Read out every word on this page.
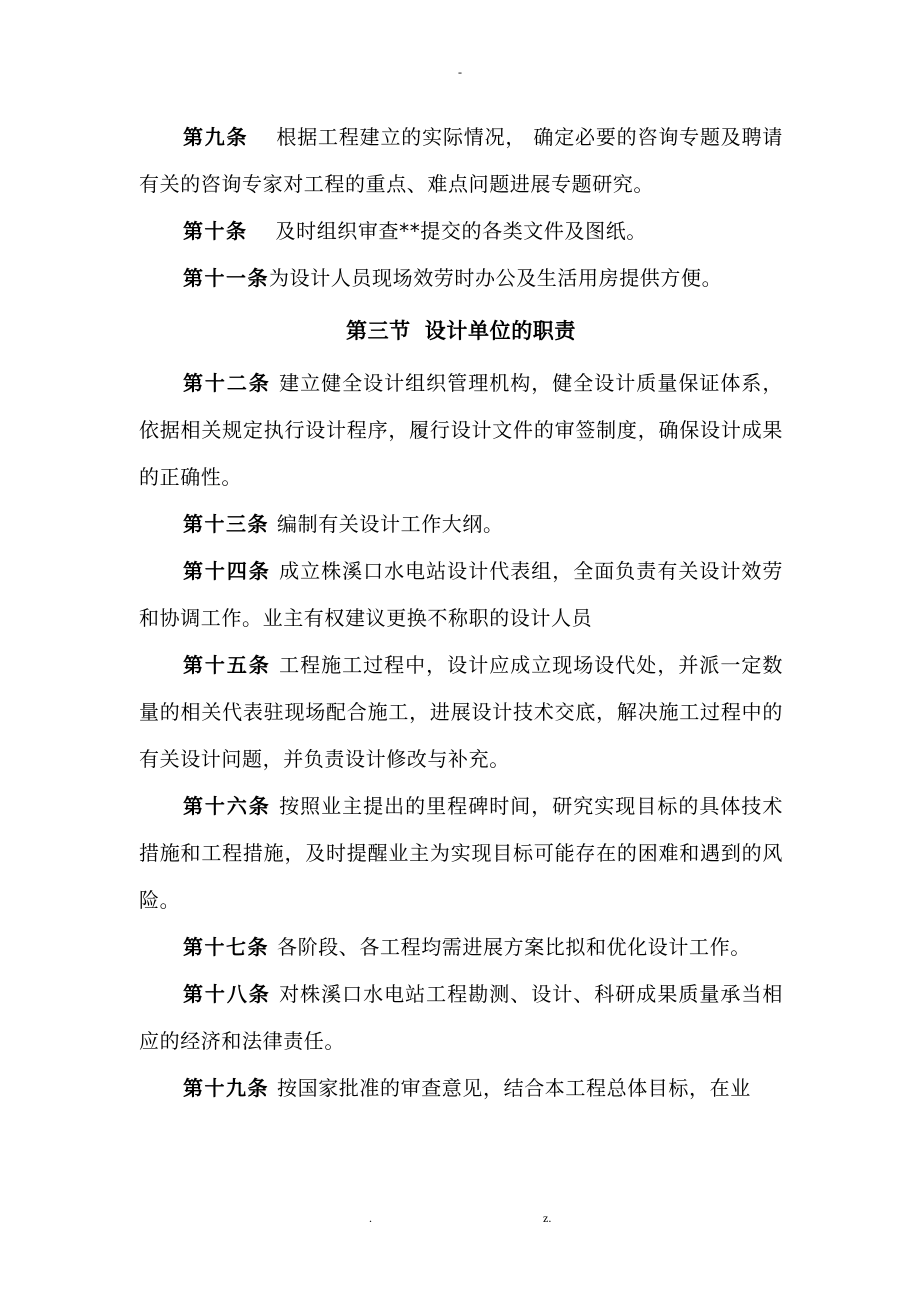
-

第九条 根据工程建立的实际情况， 确定必要的咨询专题及聘请有关的咨询专家对工程的重点、难点问题进展专题研究。

第十条 及时组织审查**提交的各类文件及图纸。

第十一条为设计人员现场效劳时办公及生活用房提供方便。

第三节 设计单位的职责

第十二条 建立健全设计组织管理机构，健全设计质量保证体系，依据相关规定执行设计程序，履行设计文件的审签制度，确保设计成果的正确性。

第十三条 编制有关设计工作大纲。

第十四条 成立株溪口水电站设计代表组，全面负责有关设计效劳和协调工作。业主有权建议更换不称职的设计人员

第十五条 工程施工过程中，设计应成立现场设代处，并派一定数量的相关代表驻现场配合施工，进展设计技术交底，解决施工过程中的有关设计问题，并负责设计修改与补充。

第十六条 按照业主提出的里程碑时间，研究实现目标的具体技术措施和工程措施，及时提醒业主为实现目标可能存在的困难和遇到的风险。

第十七条 各阶段、各工程均需进展方案比拟和优化设计工作。

第十八条 对株溪口水电站工程勘测、设计、科研成果质量承当相应的经济和法律责任。

第十九条 按国家批准的审查意见，结合本工程总体目标，在业

.	z.
